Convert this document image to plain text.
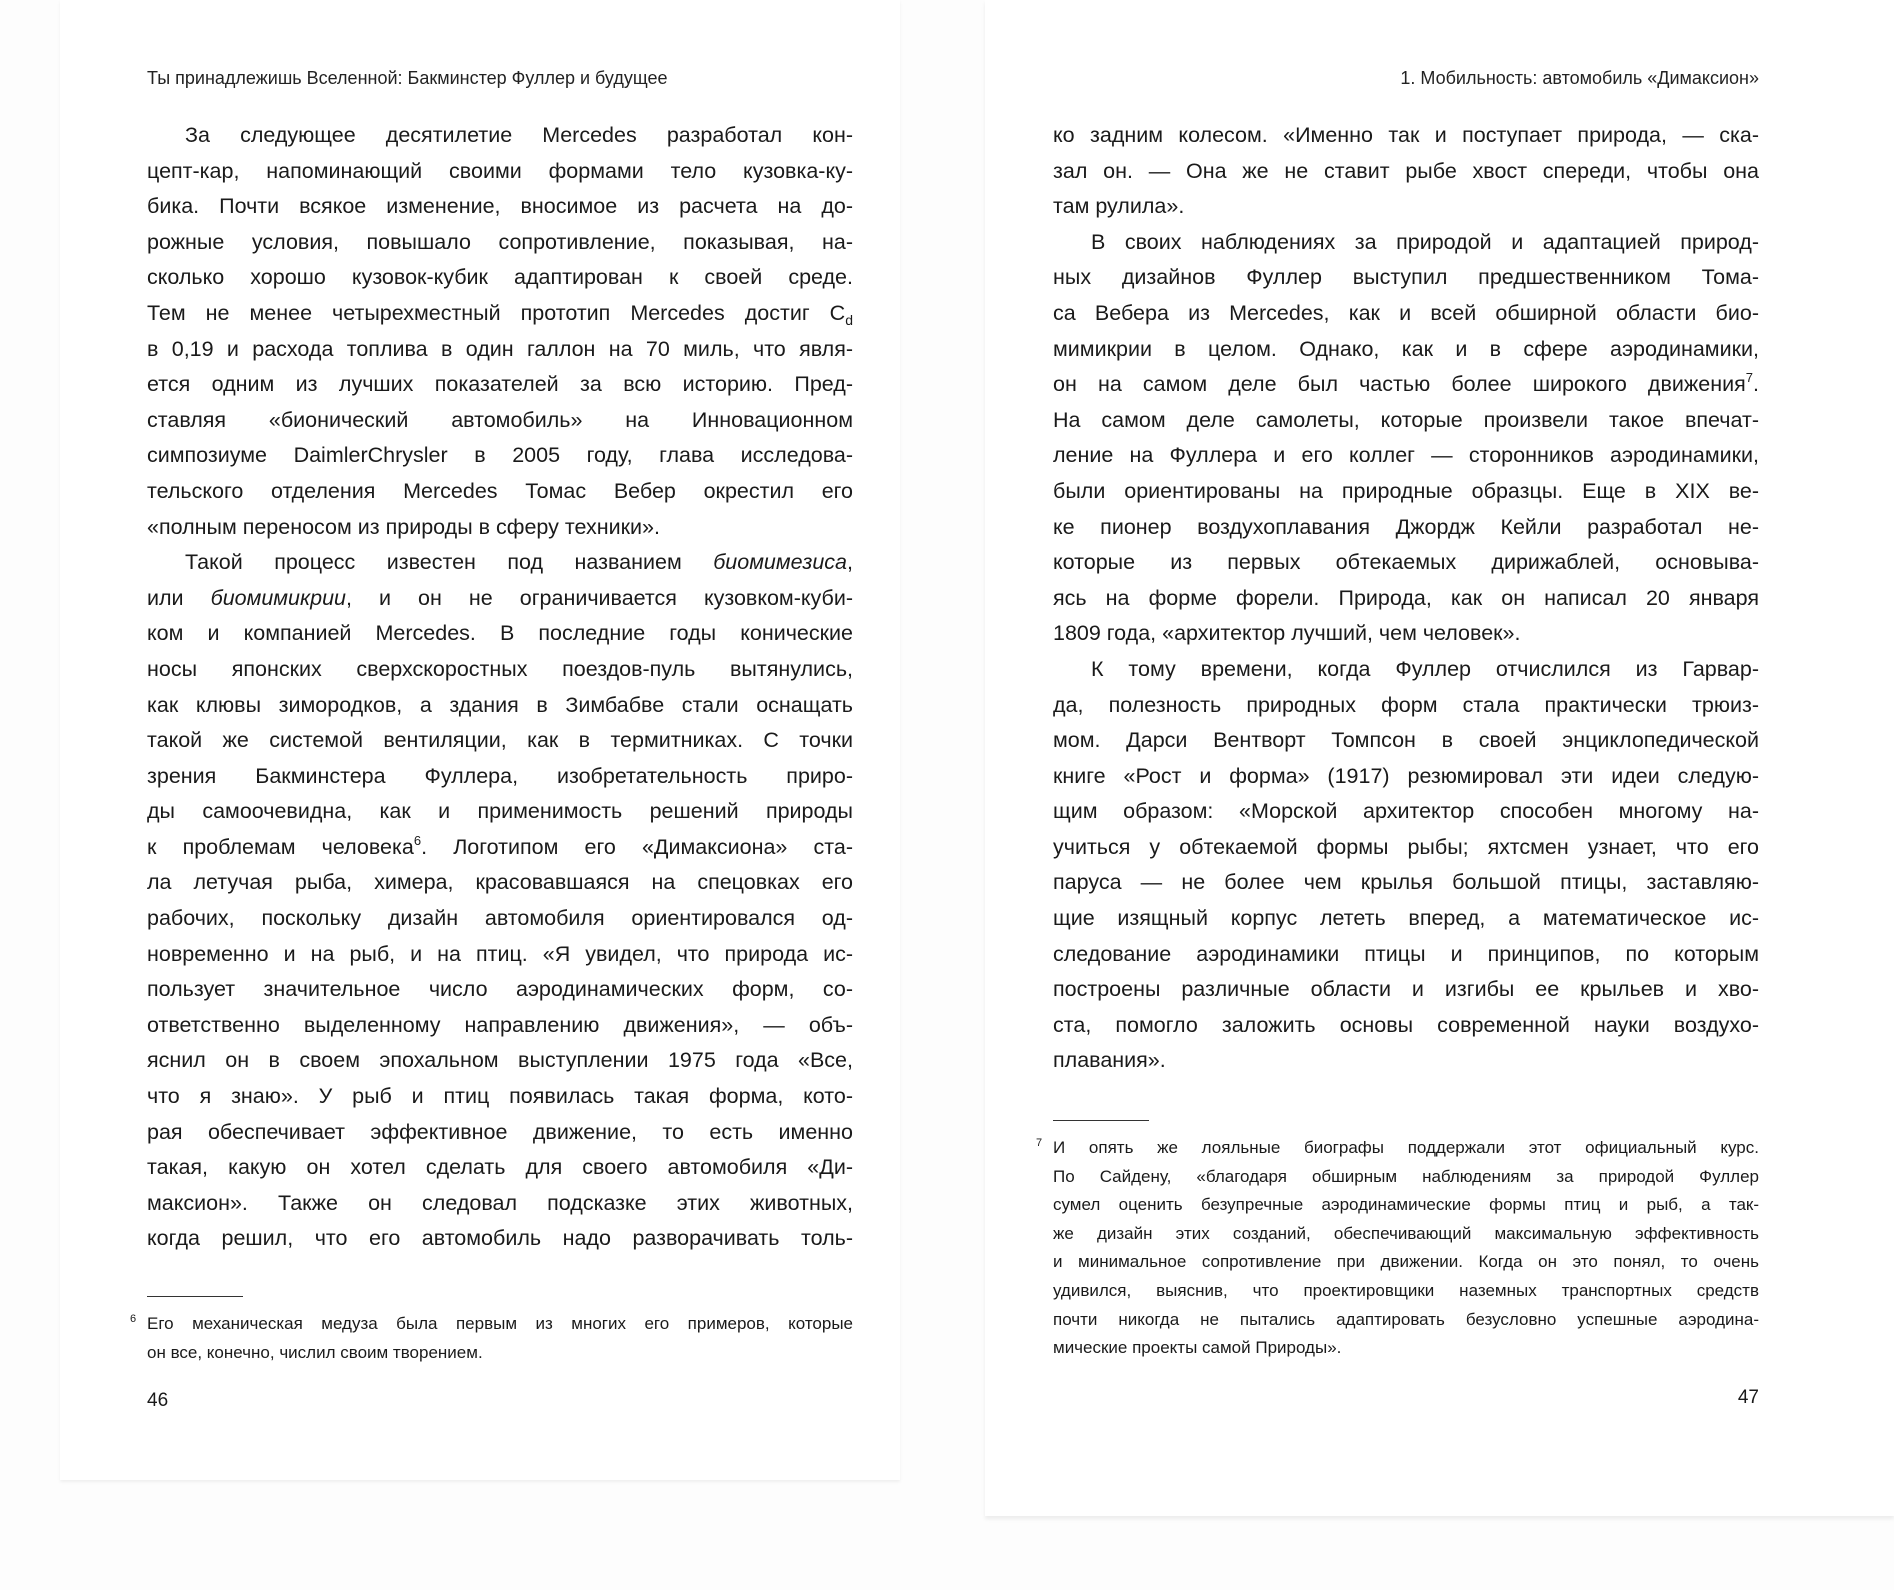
Ты принадлежишь Вселенной: Бакминстер Фуллер и будущее	1. Мобильность: автомобиль «Димаксион»
За следующее десятилетие Mercedes разработал кон-
цепт-кар, напоминающий своими формами тело кузовка-ку-
бика. Почти всякое изменение, вносимое из расчета на до-
рожные условия, повышало сопротивление, показывая, на-
сколько хорошо кузовок-кубик адаптирован к своей среде.
Тем не менее четырехместный прототип Mercedes достиг $C_d$
в 0,19 и расхода топлива в один галлон на 70 миль, что явля-
ется одним из лучших показателей за всю историю. Пред-
ставляя «бионический автомобиль» на Инновационном
симпозиуме DaimlerChrysler в 2005 году, глава исследова-
тельского отделения Mercedes Томас Вебер окрестил его
«полным переносом из природы в сферу техники».
Такой процесс известен под названием биомимезиса,
или биомимикрии, и он не ограничивается кузовком-куби-
ком и компанией Mercedes. В последние годы конические
носы японских сверхскоростных поездов-пуль вытянулись,
как клювы зимородков, а здания в Зимбабве стали оснащать
такой же системой вентиляции, как в термитниках. С точки
зрения Бакминстера Фуллера, изобретательность приро-
ды самоочевидна, как и применимость решений природы
к проблемам человека$^6$. Логотипом его «Димаксиона» ста-
ла летучая рыба, химера, красовавшаяся на спецовках его
рабочих, поскольку дизайн автомобиля ориентировался од-
новременно и на рыб, и на птиц. «Я увидел, что природа ис-
пользует значительное число аэродинамических форм, со-
ответственно выделенному направлению движения», — объ-
яснил он в своем эпохальном выступлении 1975 года «Все,
что я знаю». У рыб и птиц появилась такая форма, кото-
рая обеспечивает эффективное движение, то есть именно
такая, какую он хотел сделать для своего автомобиля «Ди-
максион». Также он следовал подсказке этих животных,
когда решил, что его автомобиль надо разворачивать толь-
ко задним колесом. «Именно так и поступает природа, — ска-
зал он. — Она же не ставит рыбе хвост спереди, чтобы она
там рулила».
В своих наблюдениях за природой и адаптацией природ-
ных дизайнов Фуллер выступил предшественником Тома-
са Вебера из Mercedes, как и всей обширной области био-
мимикрии в целом. Однако, как и в сфере аэродинамики,
он на самом деле был частью более широкого движения$^7$.
На самом деле самолеты, которые произвели такое впечат-
ление на Фуллера и его коллег — сторонников аэродинамики,
были ориентированы на природные образцы. Еще в XIX ве-
ке пионер воздухоплавания Джордж Кейли разработал не-
которые из первых обтекаемых дирижаблей, основыва-
ясь на форме форели. Природа, как он написал 20 января
1809 года, «архитектор лучший, чем человек».
К тому времени, когда Фуллер отчислился из Гарвар-
да, полезность природных форм стала практически трюиз-
мом. Дарси Вентворт Томпсон в своей энциклопедической
книге «Рост и форма» (1917) резюмировал эти идеи следую-
щим образом: «Морской архитектор способен многому на-
учиться у обтекаемой формы рыбы; яхтсмен узнает, что его
паруса — не более чем крылья большой птицы, заставляю-
щие изящный корпус лететь вперед, а математическое ис-
следование аэродинамики птицы и принципов, по которым
построены различные области и изгибы ее крыльев и хво-
ста, помогло заложить основы современной науки воздухо-
плавания».
6 Его механическая медуза была первым из многих его примеров, которые
он все, конечно, числил своим творением.
7 И опять же лояльные биографы поддержали этот официальный курс.
По Сайдену, «благодаря обширным наблюдениям за природой Фуллер
сумел оценить безупречные аэродинамические формы птиц и рыб, а так-
же дизайн этих созданий, обеспечивающий максимальную эффективность
и минимальное сопротивление при движении. Когда он это понял, то очень
удивился, выяснив, что проектировщики наземных транспортных средств
почти никогда не пытались адаптировать безусловно успешные аэродина-
мические проекты самой Природы».
46	47
